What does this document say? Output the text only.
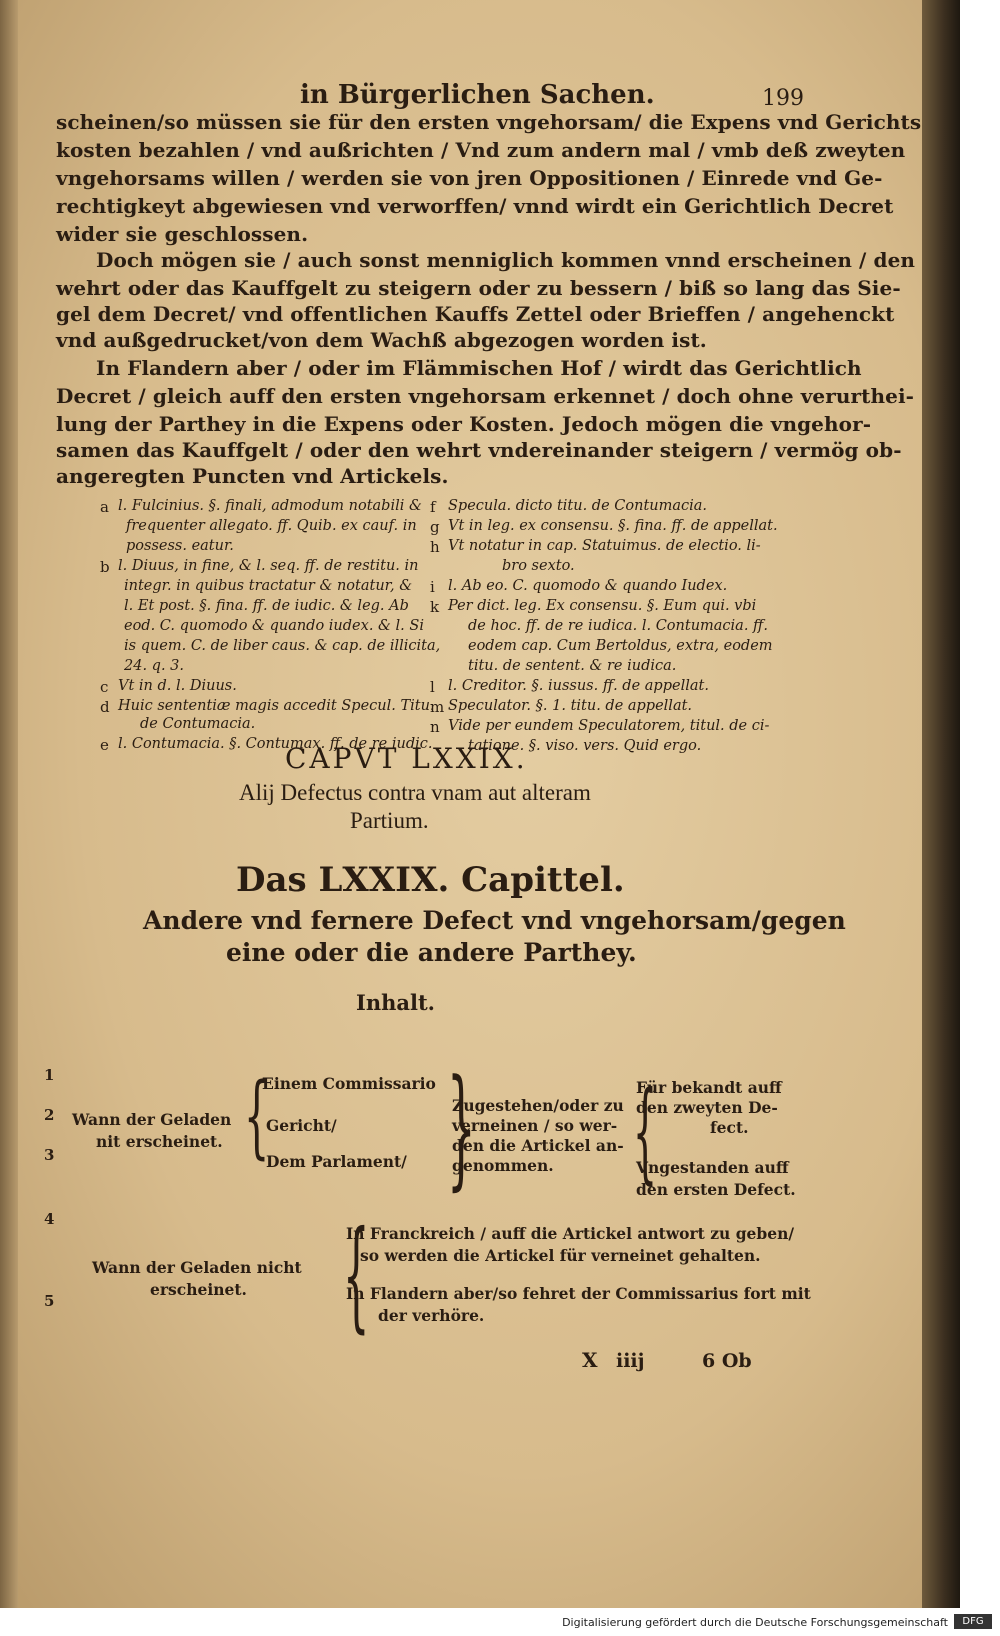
in Bürgerlichen Sachen.	199
scheinen/so müssen sie für den ersten vngehorsam/ die Expens vnd Gerichts
kosten bezahlen / vnd außrichten / Vnd zum andern mal / vmb deß zweyten
vngehorsams willen / werden sie von jren Oppositionen / Einrede vnd Ge-
rechtigkeyt abgewiesen vnd verworffen/ vnnd wirdt ein Gerichtlich Decret
wider sie geschlossen.
Doch mögen sie / auch sonst menniglich kommen vnnd erscheinen / den
wehrt oder das Kauffgelt zu steigern oder zu bessern / biß so lang das Sie-
gel dem Decret/ vnd offentlichen Kauffs Zettel oder Brieffen / angehenckt
vnd außgedrucket/von dem Wachß abgezogen worden ist.
In Flandern aber / oder im Flämmischen Hof / wirdt das Gerichtlich
Decret / gleich auff den ersten vngehorsam erkennet / doch ohne verurthei-
lung der Parthey in die Expens oder Kosten. Jedoch mögen die vngehor-
samen das Kauffgelt / oder den wehrt vndereinander steigern / vermög ob-
angeregten Puncten vnd Artickels.
a l. Fulcinius. §. finali, admodum notabili &
frequenter allegato. ff. Quib. ex cauf. in
possess. eatur.
b l. Diuus, in fine, & l. seq. ff. de restitu. in
integr. in quibus tractatur & notatur, &
l. Et post. §. fina. ff. de iudic. & leg. Ab
eod. C. quomodo & quando iudex. & l. Si
is quem. C. de liber caus. & cap. de illicita,
24. q. 3.
c Vt in d. l. Diuus.
d Huic sententiæ magis accedit Specul. Titu.
de Contumacia.
e l. Contumacia. §. Contumax. ff. de re iudic.
f Specula. dicto titu. de Contumacia.
g Vt in leg. ex consensu. §. fina. ff. de appellat.
h Vt notatur in cap. Statuimus. de electio. li-
bro sexto.
i l. Ab eo. C. quomodo & quando Iudex.
k Per dict. leg. Ex consensu. §. Eum qui. vbi
de hoc. ff. de re iudica. l. Contumacia. ff.
eodem cap. Cum Bertoldus, extra, eodem
titu. de sentent. & re iudica.
l l. Creditor. §. iussus. ff. de appellat.
m Speculator. §. 1. titu. de appellat.
n Vide per eundem Speculatorem, titul. de ci-
tatione. §. viso. vers. Quid ergo.
CAPVT LXXIX.
Alij Defectus contra vnam aut alteram
Partium.
Das LXXIX. Capittel.
Andere vnd fernere Defect vnd vngehorsam/gegen
eine oder die andere Parthey.
Inhalt.
1
2
3
Wann der Geladen
nit erscheinet. {
Einem Commissario
Gericht/
Dem Parlament/ }
Zugestehen/oder zu
verneinen / so wer-
den die Artickel an-
genommen. {
Für bekandt auff
den zweyten De-
fect.
Vngestanden auff
den ersten Defect.
4
5
Wann der Geladen nicht
erscheinet. {
In Franckreich / auff die Artickel antwort zu geben/
so werden die Artickel für verneinet gehalten.
In Flandern aber/so fehret der Commissarius fort mit
der verhöre.
X iiij	6 Ob
Digitalisierung gefördert durch die Deutsche Forschungsgemeinschaft	DFG
